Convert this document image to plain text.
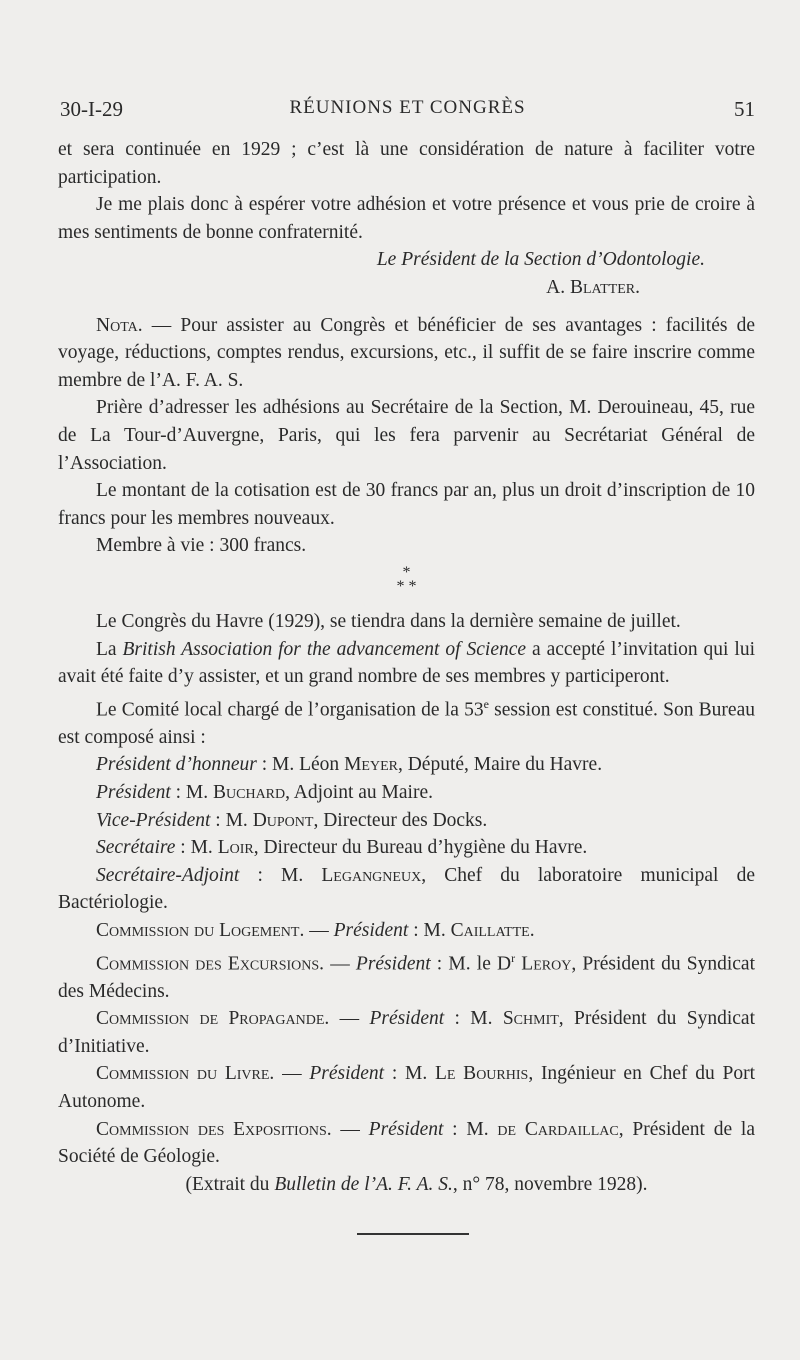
30-I-29	RÉUNIONS ET CONGRÈS	51

et sera continuée en 1929 ; c’est là une considération de nature à faciliter votre participation.

Je me plais donc à espérer votre adhésion et votre présence et vous prie de croire à mes sentiments de bonne confraternité.

Le Président de la Section d’Odontologie.

A. Blatter.

Nota. — Pour assister au Congrès et bénéficier de ses avantages : facilités de voyage, réductions, comptes rendus, excursions, etc., il suffit de se faire inscrire comme membre de l’A. F. A. S.

Prière d’adresser les adhésions au Secrétaire de la Section, M. Derouineau, 45, rue de La Tour-d’Auvergne, Paris, qui les fera parvenir au Secrétariat Général de l’Association.

Le montant de la cotisation est de 30 francs par an, plus un droit d’inscription de 10 francs pour les membres nouveaux.

Membre à vie : 300 francs.

*
* *

Le Congrès du Havre (1929), se tiendra dans la dernière semaine de juillet.

La British Association for the advancement of Science a accepté l’invitation qui lui avait été faite d’y assister, et un grand nombre de ses membres y participeront.

Le Comité local chargé de l’organisation de la 53e session est constitué. Son Bureau est composé ainsi :

Président d’honneur : M. Léon Meyer, Député, Maire du Havre.

Président : M. Buchard, Adjoint au Maire.

Vice-Président : M. Dupont, Directeur des Docks.

Secrétaire : M. Loir, Directeur du Bureau d’hygiène du Havre.

Secrétaire-Adjoint : M. Legangneux, Chef du laboratoire municipal de Bactériologie.

Commission du Logement. — Président : M. Caillatte.

Commission des Excursions. — Président : M. le $D^r$ Leroy, Président du Syndicat des Médecins.

Commission de Propagande. — Président : M. Schmit, Président du Syndicat d’Initiative.

Commission du Livre. — Président : M. Le Bourhis, Ingénieur en Chef du Port Autonome.

Commission des Expositions. — Président : M. de Cardaillac, Président de la Société de Géologie.

(Extrait du Bulletin de l’A. F. A. S., n° 78, novembre 1928).
